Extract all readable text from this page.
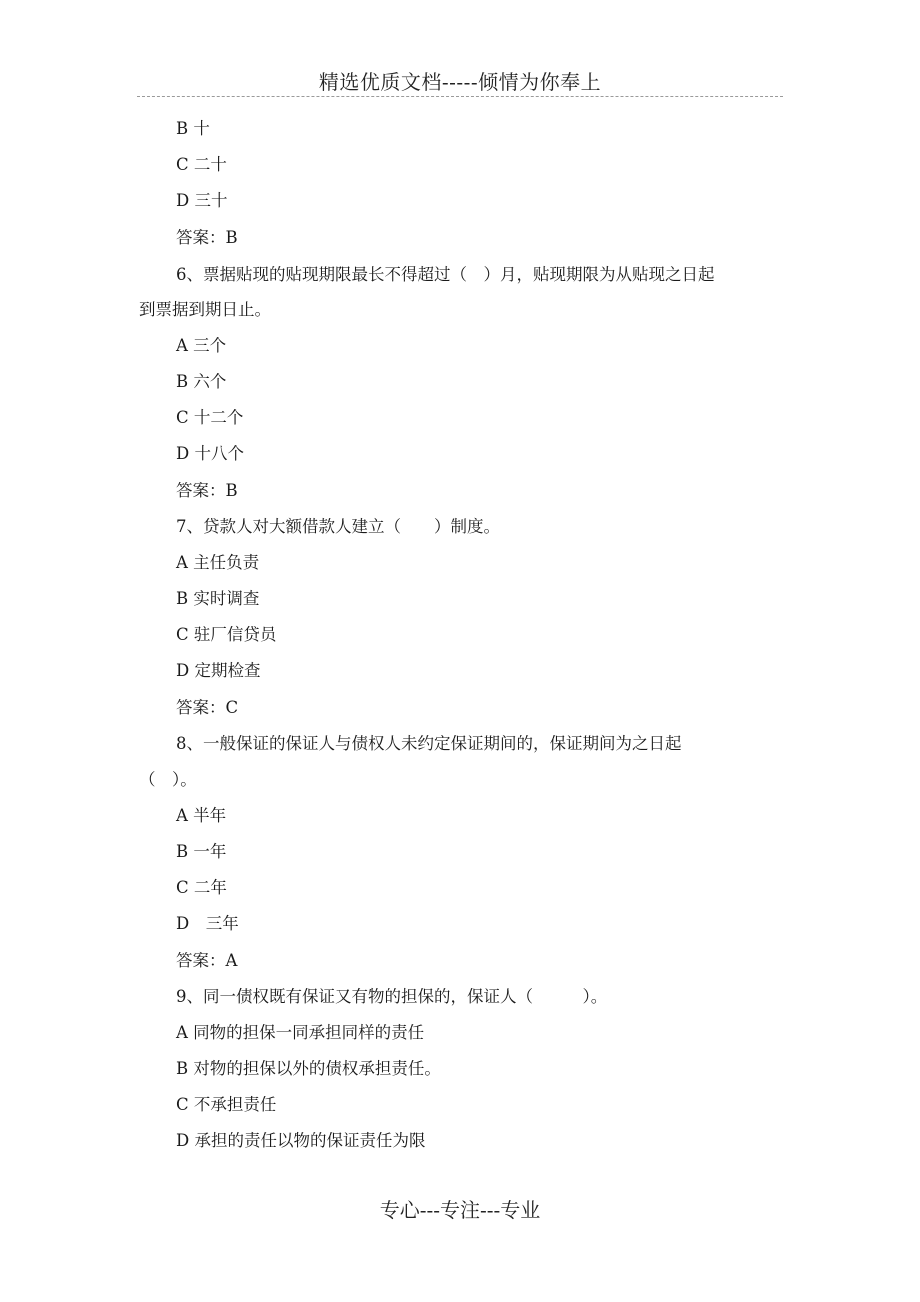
精选优质文档-----倾情为你奉上
B 十
C 二十
D 三十
答案：B
6、票据贴现的贴现期限最长不得超过（　）月，贴现期限为从贴现之日起
到票据到期日止。
A 三个
B 六个
C 十二个
D 十八个
答案：B
7、贷款人对大额借款人建立（　　）制度。
A 主任负责
B 实时调查
C 驻厂信贷员
D 定期检查
答案：C
8、一般保证的保证人与债权人未约定保证期间的，保证期间为之日起
（　）。
A 半年
B 一年
C 二年
D　三年
答案：A
9、同一债权既有保证又有物的担保的，保证人（　　　）。
A 同物的担保一同承担同样的责任
B 对物的担保以外的债权承担责任。
C 不承担责任
D 承担的责任以物的保证责任为限
专心---专注---专业
